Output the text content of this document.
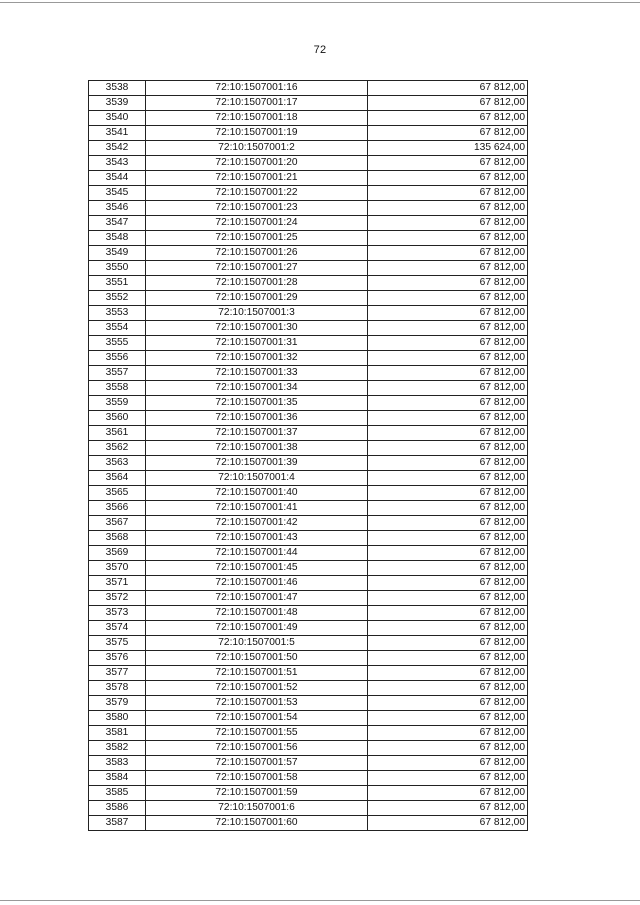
72
3538	72:10:1507001:16	67 812,00
3539	72:10:1507001:17	67 812,00
3540	72:10:1507001:18	67 812,00
3541	72:10:1507001:19	67 812,00
3542	72:10:1507001:2	135 624,00
3543	72:10:1507001:20	67 812,00
3544	72:10:1507001:21	67 812,00
3545	72:10:1507001:22	67 812,00
3546	72:10:1507001:23	67 812,00
3547	72:10:1507001:24	67 812,00
3548	72:10:1507001:25	67 812,00
3549	72:10:1507001:26	67 812,00
3550	72:10:1507001:27	67 812,00
3551	72:10:1507001:28	67 812,00
3552	72:10:1507001:29	67 812,00
3553	72:10:1507001:3	67 812,00
3554	72:10:1507001:30	67 812,00
3555	72:10:1507001:31	67 812,00
3556	72:10:1507001:32	67 812,00
3557	72:10:1507001:33	67 812,00
3558	72:10:1507001:34	67 812,00
3559	72:10:1507001:35	67 812,00
3560	72:10:1507001:36	67 812,00
3561	72:10:1507001:37	67 812,00
3562	72:10:1507001:38	67 812,00
3563	72:10:1507001:39	67 812,00
3564	72:10:1507001:4	67 812,00
3565	72:10:1507001:40	67 812,00
3566	72:10:1507001:41	67 812,00
3567	72:10:1507001:42	67 812,00
3568	72:10:1507001:43	67 812,00
3569	72:10:1507001:44	67 812,00
3570	72:10:1507001:45	67 812,00
3571	72:10:1507001:46	67 812,00
3572	72:10:1507001:47	67 812,00
3573	72:10:1507001:48	67 812,00
3574	72:10:1507001:49	67 812,00
3575	72:10:1507001:5	67 812,00
3576	72:10:1507001:50	67 812,00
3577	72:10:1507001:51	67 812,00
3578	72:10:1507001:52	67 812,00
3579	72:10:1507001:53	67 812,00
3580	72:10:1507001:54	67 812,00
3581	72:10:1507001:55	67 812,00
3582	72:10:1507001:56	67 812,00
3583	72:10:1507001:57	67 812,00
3584	72:10:1507001:58	67 812,00
3585	72:10:1507001:59	67 812,00
3586	72:10:1507001:6	67 812,00
3587	72:10:1507001:60	67 812,00
